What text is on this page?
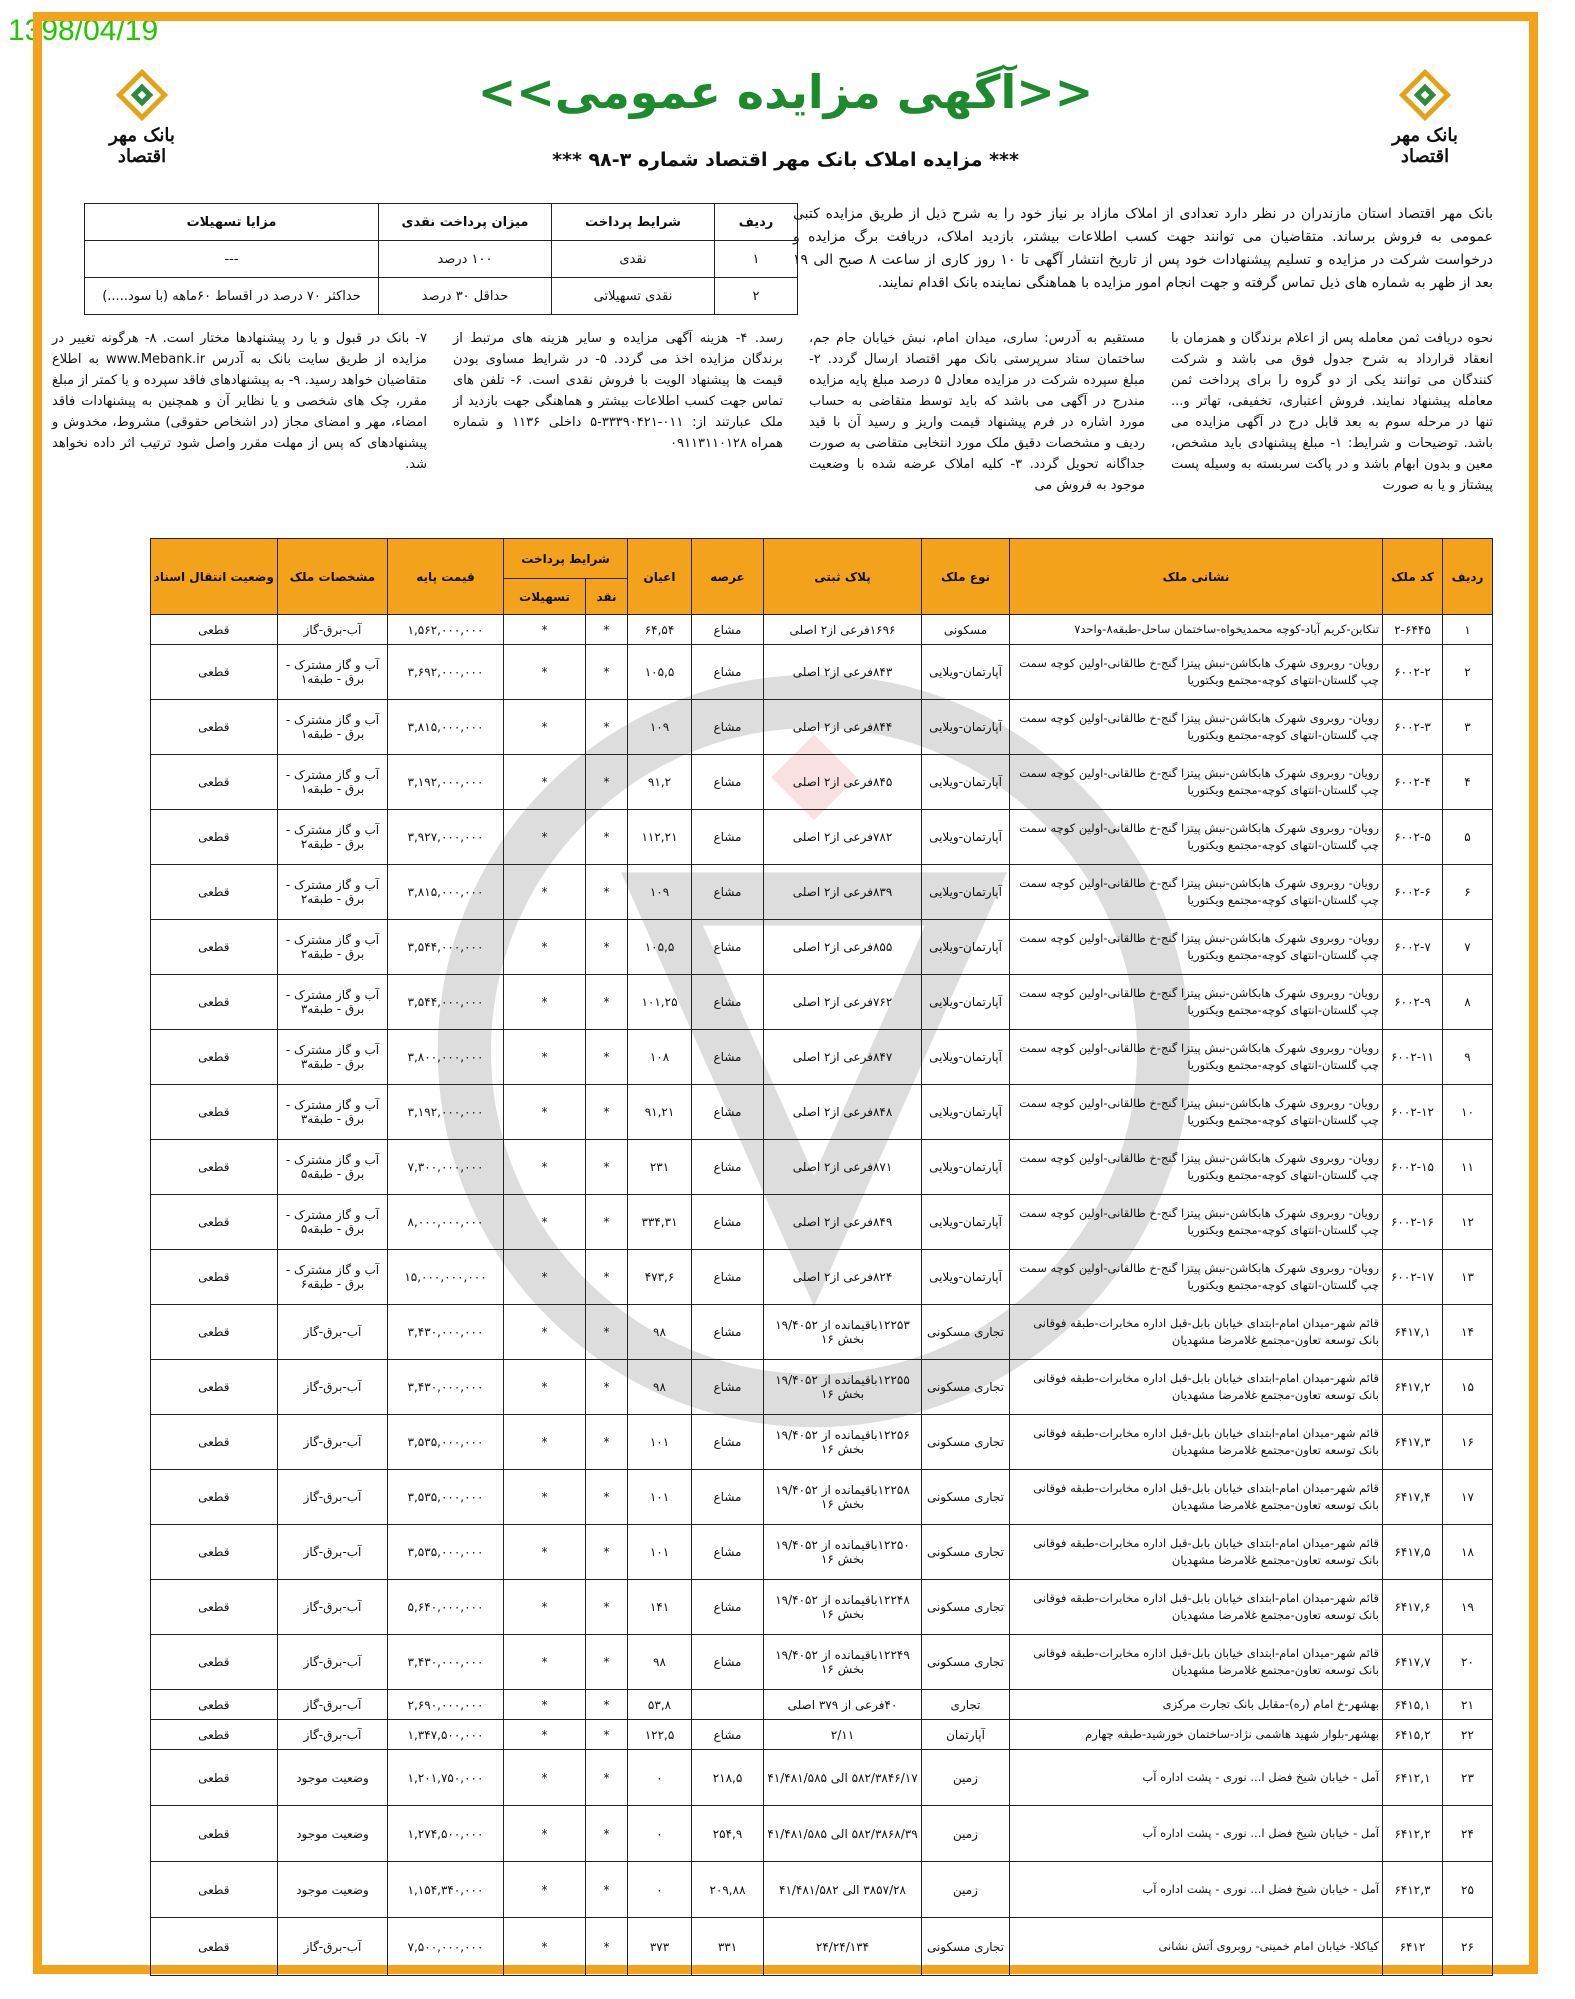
1398/04/19
بانک مهر اقتصاد
بانک مهر اقتصاد
<<آگهی مزایده عمومی>>
*** مزایده املاک بانک مهر اقتصاد شماره ۳-۹۸ ***
بانک مهر اقتصاد استان مازندران در نظر دارد تعدادی از املاک مازاد بر نیاز خود را به شرح ذیل از طریق مزایده کتبی عمومی به فروش برساند. متقاضیان می توانند جهت کسب اطلاعات بیشتر، بازدید املاک، دریافت برگ مزایده و درخواست شرکت در مزایده و تسلیم پیشنهادات خود پس از تاریخ انتشار آگهی تا ۱۰ روز کاری از ساعت ۸ صبح الی ۱۹ بعد از ظهر به شماره های ذیل تماس گرفته و جهت انجام امور مزایده با هماهنگی نماینده بانک اقدام نمایند.
ردیف	شرایط پرداخت	میزان پرداخت نقدی	مزایا تسهیلات
۱	نقدی	۱۰۰ درصد	---
۲	نقدی تسهیلاتی	حداقل ۳۰ درصد	حداکثر ۷۰ درصد در اقساط ۶۰ماهه (با سود.....)
نحوه دریافت ثمن معامله پس از اعلام برندگان و همزمان با انعقاد قرارداد به شرح جدول فوق می باشد و شرکت کنندگان می توانند یکی از دو گروه را برای پرداخت ثمن معامله پیشنهاد نمایند. فروش اعتباری، تخفیفی، تهاتر و... تنها در مرحله سوم به بعد قابل درج در آگهی مزایده می باشد. توضیحات و شرایط: ۱- مبلغ پیشنهادی باید مشخص، معین و بدون ابهام باشد و در پاکت سربسته به وسیله پست پیشتاز و یا به صورت
مستقیم به آدرس: ساری، میدان امام، نبش خیابان جام جم، ساختمان ستاد سرپرستی بانک مهر اقتصاد ارسال گردد. ۲- مبلغ سپرده شرکت در مزایده معادل ۵ درصد مبلغ پایه مزایده مندرج در آگهی می باشد که باید توسط متقاضی به حساب مورد اشاره در فرم پیشنهاد قیمت واریز و رسید آن با قید ردیف و مشخصات دقیق ملک مورد انتخابی متقاضی به صورت جداگانه تحویل گردد. ۳- کلیه املاک عرضه شده با وضعیت موجود به فروش می
رسد. ۴- هزینه آگهی مزایده و سایر هزینه های مرتبط از برندگان مزایده اخذ می گردد. ۵- در شرایط مساوی بودن قیمت ها پیشنهاد الویت با فروش نقدی است. ۶- تلفن های تماس جهت کسب اطلاعات بیشتر و هماهنگی جهت بازدید از ملک عبارتند از: ۰۱۱-۳۳۳۹۰۴۲۱-۵ داخلی ۱۱۳۶ و شماره همراه ۰۹۱۱۳۱۱۰۱۲۸
۷- بانک در قبول و یا رد پیشنهادها مختار است. ۸- هرگونه تغییر در مزایده از طریق سایت بانک به آدرس www.Mebank.ir به اطلاع متقاضیان خواهد رسید. ۹- به پیشنهادهای فاقد سپرده و یا کمتر از مبلغ مقرر، چک های شخصی و یا نظایر آن و همچنین به پیشنهادات فاقد امضاء، مهر و امضای مجاز (در اشخاص حقوقی) مشروط، مخدوش و پیشنهادهای که پس از مهلت مقرر واصل شود ترتیب اثر داده نخواهد شد.
ردیف	کد ملک	نشانی ملک	نوع ملک	پلاک ثبتی	عرصه	اعیان	شرایط پرداخت		قیمت پایه	مشخصات ملک	وضعیت انتقال اسناد
							نقد	تسهیلات			
۱	۲-۶۴۴۵	تنکابن-کریم آباد-کوچه محمدیخواه-ساختمان ساحل-طبقه۸-واحد۷	مسکونی	۱۶۹۶فرعی از۲ اصلی	مشاع	۶۴,۵۴	*	*	۱,۵۶۲,۰۰۰,۰۰۰	آب-برق-گاز	قطعی
۲	۶۰۰۲-۲	رویان- روبروی شهرک هابکاشن-نبش پیتزا گنج-خ طالقانی-اولین کوچه سمت چپ گلستان-انتهای کوچه-مجتمع ویکتوریا	آپارتمان-ویلایی	۸۴۳فرعی از۲ اصلی	مشاع	۱۰۵,۵	*	*	۳,۶۹۲,۰۰۰,۰۰۰	آب و گاز مشترک - برق - طبقه۱	قطعی
۳	۶۰۰۲-۳	رویان- روبروی شهرک هابکاشن-نبش پیتزا گنج-خ طالقانی-اولین کوچه سمت چپ گلستان-انتهای کوچه-مجتمع ویکتوریا	آپارتمان-ویلایی	۸۴۴فرعی از۲ اصلی	مشاع	۱۰۹	*	*	۳,۸۱۵,۰۰۰,۰۰۰	آب و گاز مشترک - برق - طبقه۱	قطعی
۴	۶۰۰۲-۴	رویان- روبروی شهرک هابکاشن-نبش پیتزا گنج-خ طالقانی-اولین کوچه سمت چپ گلستان-انتهای کوچه-مجتمع ویکتوریا	آپارتمان-ویلایی	۸۴۵فرعی از۲ اصلی	مشاع	۹۱,۲	*	*	۳,۱۹۲,۰۰۰,۰۰۰	آب و گاز مشترک - برق - طبقه۱	قطعی
۵	۶۰۰۲-۵	رویان- روبروی شهرک هابکاشن-نبش پیتزا گنج-خ طالقانی-اولین کوچه سمت چپ گلستان-انتهای کوچه-مجتمع ویکتوریا	آپارتمان-ویلایی	۷۸۲فرعی از۲ اصلی	مشاع	۱۱۲,۲۱	*	*	۳,۹۲۷,۰۰۰,۰۰۰	آب و گاز مشترک - برق - طبقه۲	قطعی
۶	۶۰۰۲-۶	رویان- روبروی شهرک هابکاشن-نبش پیتزا گنج-خ طالقانی-اولین کوچه سمت چپ گلستان-انتهای کوچه-مجتمع ویکتوریا	آپارتمان-ویلایی	۸۳۹فرعی از۲ اصلی	مشاع	۱۰۹	*	*	۳,۸۱۵,۰۰۰,۰۰۰	آب و گاز مشترک - برق - طبقه۲	قطعی
۷	۶۰۰۲-۷	رویان- روبروی شهرک هابکاشن-نبش پیتزا گنج-خ طالقانی-اولین کوچه سمت چپ گلستان-انتهای کوچه-مجتمع ویکتوریا	آپارتمان-ویلایی	۸۵۵فرعی از۲ اصلی	مشاع	۱۰۵,۵	*	*	۳,۵۴۴,۰۰۰,۰۰۰	آب و گاز مشترک - برق - طبقه۲	قطعی
۸	۶۰۰۲-۹	رویان- روبروی شهرک هابکاشن-نبش پیتزا گنج-خ طالقانی-اولین کوچه سمت چپ گلستان-انتهای کوچه-مجتمع ویکتوریا	آپارتمان-ویلایی	۷۶۲فرعی از۲ اصلی	مشاع	۱۰۱,۲۵	*	*	۳,۵۴۴,۰۰۰,۰۰۰	آب و گاز مشترک - برق - طبقه۳	قطعی
۹	۶۰۰۲-۱۱	رویان- روبروی شهرک هابکاشن-نبش پیتزا گنج-خ طالقانی-اولین کوچه سمت چپ گلستان-انتهای کوچه-مجتمع ویکتوریا	آپارتمان-ویلایی	۸۴۷فرعی از۲ اصلی	مشاع	۱۰۸	*	*	۳,۸۰۰,۰۰۰,۰۰۰	آب و گاز مشترک - برق - طبقه۳	قطعی
۱۰	۶۰۰۲-۱۲	رویان- روبروی شهرک هابکاشن-نبش پیتزا گنج-خ طالقانی-اولین کوچه سمت چپ گلستان-انتهای کوچه-مجتمع ویکتوریا	آپارتمان-ویلایی	۸۴۸فرعی از۲ اصلی	مشاع	۹۱,۲۱	*	*	۳,۱۹۲,۰۰۰,۰۰۰	آب و گاز مشترک - برق - طبقه۳	قطعی
۱۱	۶۰۰۲-۱۵	رویان- روبروی شهرک هابکاشن-نبش پیتزا گنج-خ طالقانی-اولین کوچه سمت چپ گلستان-انتهای کوچه-مجتمع ویکتوریا	آپارتمان-ویلایی	۸۷۱فرعی از۲ اصلی	مشاع	۲۳۱	*	*	۷,۳۰۰,۰۰۰,۰۰۰	آب و گاز مشترک - برق - طبقه۵	قطعی
۱۲	۶۰۰۲-۱۶	رویان- روبروی شهرک هابکاشن-نبش پیتزا گنج-خ طالقانی-اولین کوچه سمت چپ گلستان-انتهای کوچه-مجتمع ویکتوریا	آپارتمان-ویلایی	۸۴۹فرعی از۲ اصلی	مشاع	۳۳۴,۳۱	*	*	۸,۰۰۰,۰۰۰,۰۰۰	آب و گاز مشترک - برق - طبقه۵	قطعی
۱۳	۶۰۰۲-۱۷	رویان- روبروی شهرک هابکاشن-نبش پیتزا گنج-خ طالقانی-اولین کوچه سمت چپ گلستان-انتهای کوچه-مجتمع ویکتوریا	آپارتمان-ویلایی	۸۲۴فرعی از۲ اصلی	مشاع	۴۷۳,۶	*	*	۱۵,۰۰۰,۰۰۰,۰۰۰	آب و گاز مشترک - برق - طبقه۶	قطعی
۱۴	۶۴۱۷,۱	قائم شهر-میدان امام-ابتدای خیابان بابل-قبل اداره مخابرات-طبقه فوقانی بانک توسعه تعاون-مجتمع غلامرضا مشهدیان	تجاری مسکونی	۱۲۲۵۳باقیمانده از ۱۹/۴۰۵۲ بخش ۱۶	مشاع	۹۸	*	*	۳,۴۳۰,۰۰۰,۰۰۰	آب-برق-گاز	قطعی
۱۵	۶۴۱۷,۲	قائم شهر-میدان امام-ابتدای خیابان بابل-قبل اداره مخابرات-طبقه فوقانی بانک توسعه تعاون-مجتمع غلامرضا مشهدیان	تجاری مسکونی	۱۲۲۵۵باقیمانده از ۱۹/۴۰۵۲ بخش ۱۶	مشاع	۹۸	*	*	۳,۴۳۰,۰۰۰,۰۰۰	آب-برق-گاز	قطعی
۱۶	۶۴۱۷,۳	قائم شهر-میدان امام-ابتدای خیابان بابل-قبل اداره مخابرات-طبقه فوقانی بانک توسعه تعاون-مجتمع غلامرضا مشهدیان	تجاری مسکونی	۱۲۲۵۶باقیمانده از ۱۹/۴۰۵۲ بخش ۱۶	مشاع	۱۰۱	*	*	۳,۵۳۵,۰۰۰,۰۰۰	آب-برق-گاز	قطعی
۱۷	۶۴۱۷,۴	قائم شهر-میدان امام-ابتدای خیابان بابل-قبل اداره مخابرات-طبقه فوقانی بانک توسعه تعاون-مجتمع غلامرضا مشهدیان	تجاری مسکونی	۱۲۲۵۸باقیمانده از ۱۹/۴۰۵۲ بخش ۱۶	مشاع	۱۰۱	*	*	۳,۵۳۵,۰۰۰,۰۰۰	آب-برق-گاز	قطعی
۱۸	۶۴۱۷,۵	قائم شهر-میدان امام-ابتدای خیابان بابل-قبل اداره مخابرات-طبقه فوقانی بانک توسعه تعاون-مجتمع غلامرضا مشهدیان	تجاری مسکونی	۱۲۲۵۰باقیمانده از ۱۹/۴۰۵۲ بخش ۱۶	مشاع	۱۰۱	*	*	۳,۵۳۵,۰۰۰,۰۰۰	آب-برق-گاز	قطعی
۱۹	۶۴۱۷,۶	قائم شهر-میدان امام-ابتدای خیابان بابل-قبل اداره مخابرات-طبقه فوقانی بانک توسعه تعاون-مجتمع غلامرضا مشهدیان	تجاری مسکونی	۱۲۲۴۸باقیمانده از ۱۹/۴۰۵۲ بخش ۱۶	مشاع	۱۴۱	*	*	۵,۶۴۰,۰۰۰,۰۰۰	آب-برق-گاز	قطعی
۲۰	۶۴۱۷,۷	قائم شهر-میدان امام-ابتدای خیابان بابل-قبل اداره مخابرات-طبقه فوقانی بانک توسعه تعاون-مجتمع غلامرضا مشهدیان	تجاری مسکونی	۱۲۲۴۹باقیمانده از ۱۹/۴۰۵۲ بخش ۱۶	مشاع	۹۸	*	*	۳,۴۳۰,۰۰۰,۰۰۰	آب-برق-گاز	قطعی
۲۱	۶۴۱۵,۱	بهشهر-خ امام (ره)-مقابل بانک تجارت مرکزی	تجاری	۴۰فرعی از ۳۷۹ اصلی		۵۳,۸	*	*	۲,۶۹۰,۰۰۰,۰۰۰	آب-برق-گاز	قطعی
۲۲	۶۴۱۵,۲	بهشهر-بلوار شهید هاشمی نژاد-ساختمان خورشید-طبقه چهارم	آپارتمان	۲/۱۱	مشاع	۱۲۲,۵	*	*	۱,۳۴۷,۵۰۰,۰۰۰	آب-برق-گاز	قطعی
۲۳	۶۴۱۲,۱	آمل - خیابان شیخ فضل ا... نوری - پشت اداره آب	زمین	۵۸۲/۳۸۴۶/۱۷ الی ۴۱/۴۸۱/۵۸۵	۲۱۸,۵	۰	*	*	۱,۲۰۱,۷۵۰,۰۰۰	وضعیت موجود	قطعی
۲۴	۶۴۱۲,۲	آمل - خیابان شیخ فضل ا... نوری - پشت اداره آب	زمین	۵۸۲/۳۸۶۸/۳۹ الی ۴۱/۴۸۱/۵۸۵	۲۵۴,۹	۰	*	*	۱,۲۷۴,۵۰۰,۰۰۰	وضعیت موجود	قطعی
۲۵	۶۴۱۲,۳	آمل - خیابان شیخ فضل ا... نوری - پشت اداره آب	زمین	۳۸۵۷/۲۸ الی ۴۱/۴۸۱/۵۸۲	۲۰۹,۸۸	۰	*	*	۱,۱۵۴,۳۴۰,۰۰۰	وضعیت موجود	قطعی
۲۶	۶۴۱۲	کیاکلا- خیابان امام خمینی- روبروی آتش نشانی	تجاری مسکونی	۲۴/۲۴/۱۳۴	۳۳۱	۳۷۳	*	*	۷,۵۰۰,۰۰۰,۰۰۰	آب-برق-گاز	قطعی
